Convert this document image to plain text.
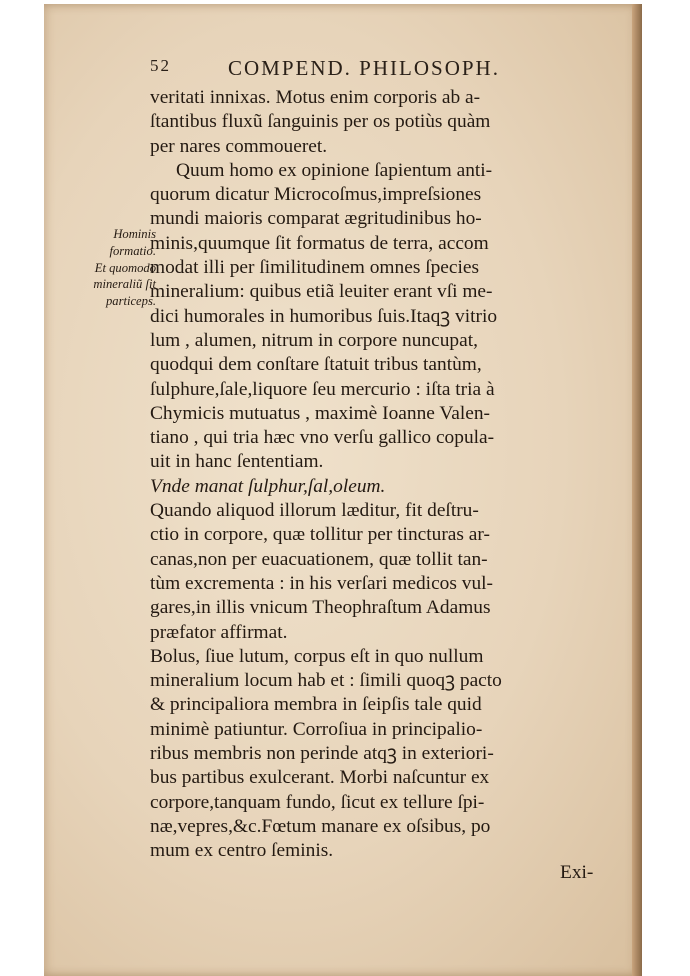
52	COMPEND. PHILOSOPH.
Hominis
formatio.
Et quomodo
mineraliũ ſit
particeps.
veritati innixas. Motus enim corporis ab a-
ſtantibus fluxũ ſanguinis per os potiùs quàm
per nares commoueret.
Quum homo ex opinione ſapientum anti-
quorum dicatur Microcoſmus,impreſsiones
mundi maioris comparat ægritudinibus ho-
minis,quumque ſit formatus de terra, accom
modat illi per ſimilitudinem omnes ſpecies
mineralium: quibus etiã leuiter erant vſi me-
dici humorales in humoribus ſuis.Itaqꝫ vitrio
lum , alumen, nitrum in corpore nuncupat,
quodqui dem conſtare ſtatuit tribus tantùm,
ſulphure,ſale,liquore ſeu mercurio : iſta tria à
Chymicis mutuatus , maximè Ioanne Valen-
tiano , qui tria hæc vno verſu gallico copula-
uit in hanc ſententiam.
Vnde manat ſulphur,ſal,oleum.
Quando aliquod illorum læditur, fit deſtru-
ctio in corpore, quæ tollitur per tincturas ar-
canas,non per euacuationem, quæ tollit tan-
tùm excrementa : in his verſari medicos vul-
gares,in illis vnicum Theophraſtum Adamus
præfator affirmat.
Bolus, ſiue lutum, corpus eſt in quo nullum
mineralium locum hab et : ſimili quoqꝫ pacto
& principaliora membra in ſeipſis tale quid
minimè patiuntur. Corroſiua in principalio-
ribus membris non perinde atqꝫ in exteriori-
bus partibus exulcerant. Morbi naſcuntur ex
corpore,tanquam fundo, ſicut ex tellure ſpi-
næ,vepres,&c.Fœtum manare ex oſsibus, po
mum ex centro ſeminis.
Exi-
